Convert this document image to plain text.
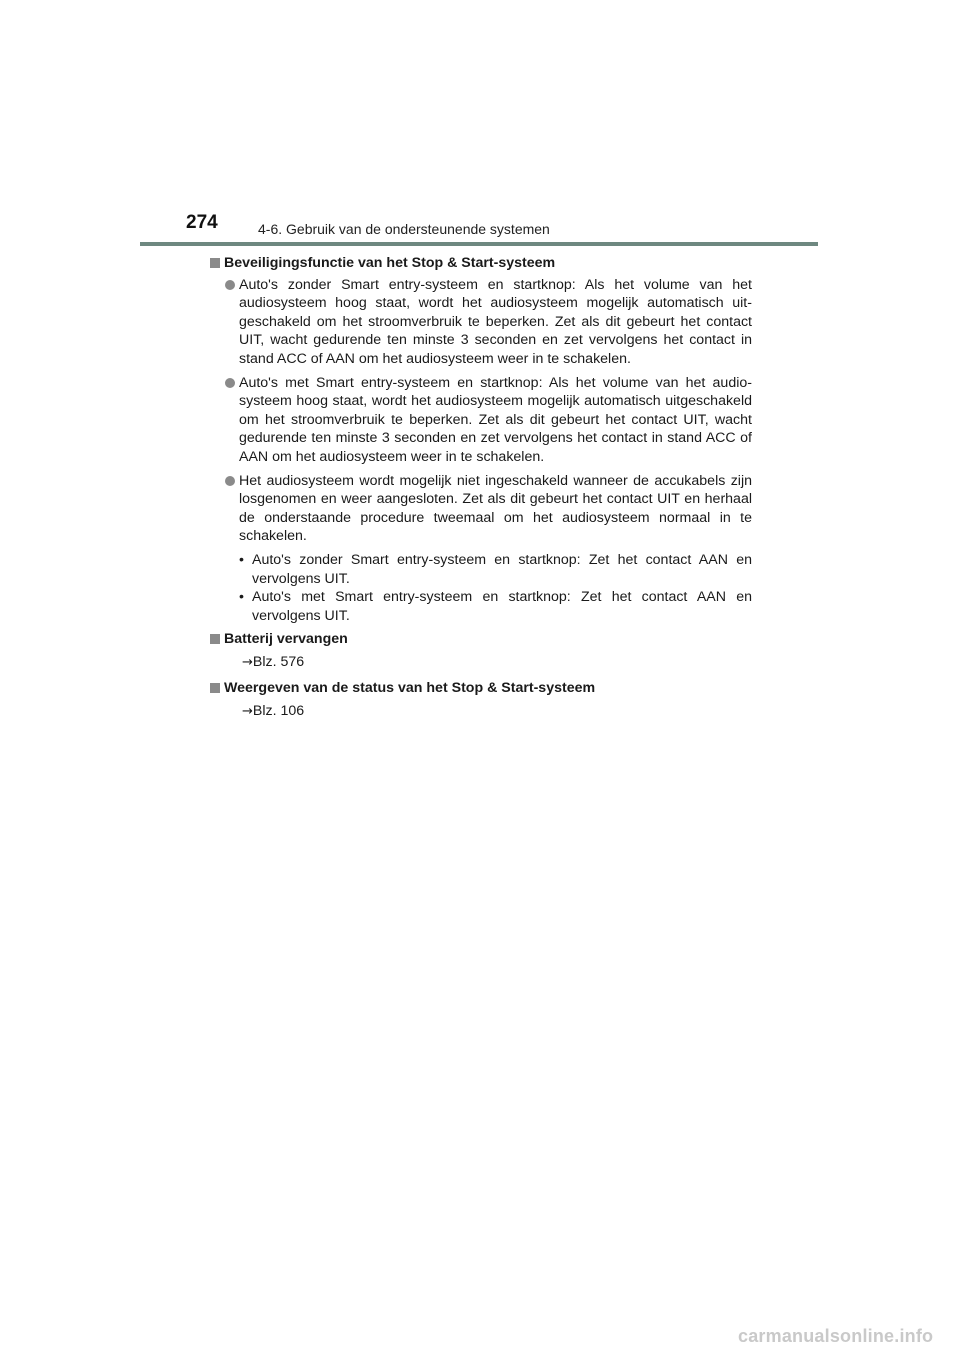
274	4-6. Gebruik van de ondersteunende systemen
Beveiligingsfunctie van het Stop & Start-systeem
Auto's zonder Smart entry-systeem en startknop: Als het volume van het audiosysteem hoog staat, wordt het audiosysteem mogelijk automatisch uitgeschakeld om het stroomverbruik te beperken. Zet als dit gebeurt het contact UIT, wacht gedurende ten minste 3 seconden en zet vervolgens het contact in stand ACC of AAN om het audiosysteem weer in te schakelen.
Auto's met Smart entry-systeem en startknop: Als het volume van het audiosysteem hoog staat, wordt het audiosysteem mogelijk automatisch uitgeschakeld om het stroomverbruik te beperken. Zet als dit gebeurt het contact UIT, wacht gedurende ten minste 3 seconden en zet vervolgens het contact in stand ACC of AAN om het audiosysteem weer in te schakelen.
Het audiosysteem wordt mogelijk niet ingeschakeld wanneer de accukabels zijn losgenomen en weer aangesloten. Zet als dit gebeurt het contact UIT en herhaal de onderstaande procedure tweemaal om het audiosysteem normaal in te schakelen.
• Auto's zonder Smart entry-systeem en startknop: Zet het contact AAN en vervolgens UIT.
• Auto's met Smart entry-systeem en startknop: Zet het contact AAN en vervolgens UIT.
Batterij vervangen
→Blz. 576
Weergeven van de status van het Stop & Start-systeem
→Blz. 106
carmanualsonline.info
